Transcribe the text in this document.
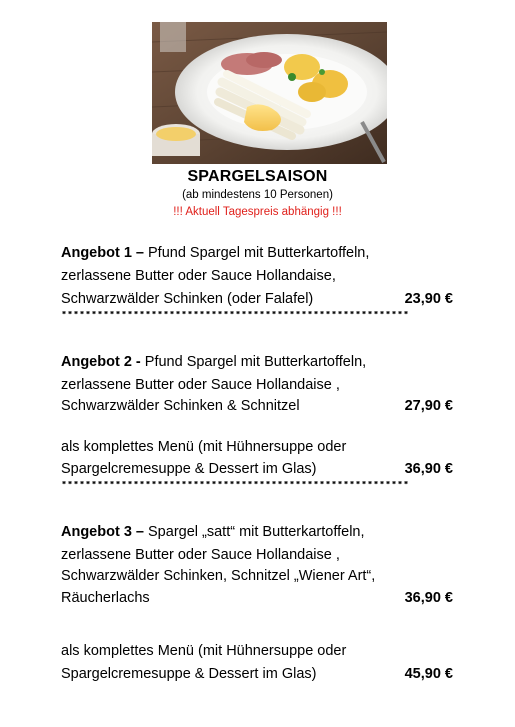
SPARGELSAISON
(ab mindestens 10 Personen)
!!! Aktuell Tagespreis abhängig !!!
Angebot 1 – Pfund Spargel mit Butterkartoffeln,
zerlassene Butter oder Sauce Hollandaise,
Schwarzwälder Schinken (oder Falafel)	23,90 €
**********************************************************
Angebot 2 - Pfund Spargel mit Butterkartoffeln,
zerlassene Butter oder Sauce Hollandaise ,
Schwarzwälder Schinken & Schnitzel	27,90 €
als komplettes Menü (mit Hühnersuppe oder
Spargelcremesuppe & Dessert im Glas)	36,90 €
**********************************************************
Angebot 3 – Spargel „satt“ mit Butterkartoffeln,
zerlassene Butter oder Sauce Hollandaise ,
Schwarzwälder Schinken, Schnitzel „Wiener Art“,
Räucherlachs	36,90 €
als komplettes Menü (mit Hühnersuppe oder
Spargelcremesuppe & Dessert im Glas)	45,90 €
